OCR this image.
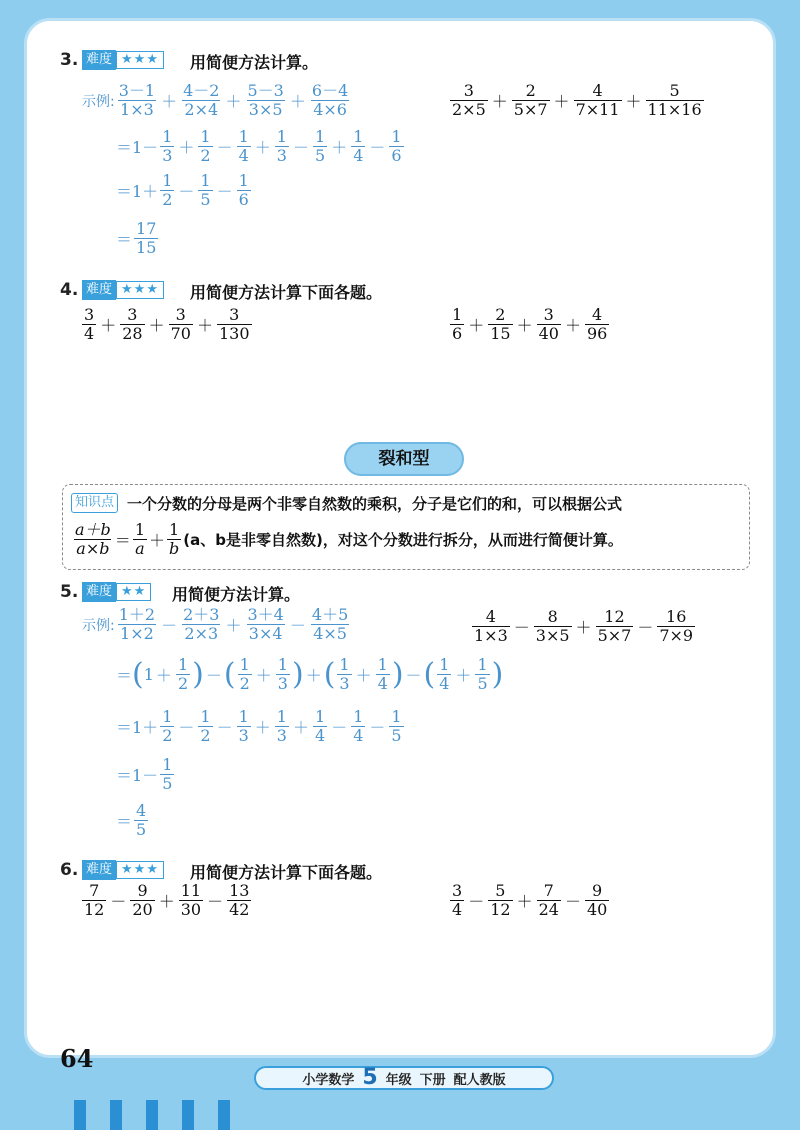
3. 难度 ★★★	用简便方法计算。
示例: $\frac{3-1}{1\times 3} + \frac{4-2}{2\times 4} + \frac{5-3}{3\times 5} + \frac{6-4}{4\times 6}$
$=1- \frac{1}{3} + \frac{1}{2} - \frac{1}{4} + \frac{1}{3} - \frac{1}{5} + \frac{1}{4} - \frac{1}{6}$
$=1+ \frac{1}{2} - \frac{1}{5} - \frac{1}{6}$
＝ $\frac{17}{15}$
$\frac{3}{2\times 5} + \frac{2}{5\times 7} + \frac{4}{7\times 11} + \frac{5}{11\times 16}$
4. 难度 ★★★	用简便方法计算下面各题。
$\frac{3}{4} + \frac{3}{28} + \frac{3}{70} + \frac{3}{130}$	$\frac{1}{6} + \frac{2}{15} + \frac{3}{40} + \frac{4}{96}$
裂和型
知识点 一个分数的分母是两个非零自然数的乘积，分子是它们的和，可以根据公式
$\frac{a+b}{a\times b} = \frac{1}{a} + \frac{1}{b} (a$、b是非零自然数)，对这个分数进行拆分，从而进行简便计算。
5. 难度 ★★	用简便方法计算。
示例: $\frac{1+2}{1\times 2} - \frac{2+3}{2\times 3} + \frac{3+4}{3\times 4} - \frac{4+5}{4\times 5}$
＝ ( $1 + \frac{1}{2}$ ) － ( $\frac{1}{2} + \frac{1}{3}$ ) ＋ ( $\frac{1}{3} + \frac{1}{4}$ ) － ( $\frac{1}{4} + \frac{1}{5}$ )
$=1+ \frac{1}{2} - \frac{1}{2} - \frac{1}{3} + \frac{1}{3} + \frac{1}{4} - \frac{1}{4} - \frac{1}{5}$
$=1- \frac{1}{5}$
＝ $\frac{4}{5}$
$\frac{4}{1\times 3} - \frac{8}{3\times 5} + \frac{12}{5\times 7} - \frac{16}{7\times 9}$
6. 难度 ★★★	用简便方法计算下面各题。
$\frac{7}{12} - \frac{9}{20} + \frac{11}{30} - \frac{13}{42}$	$\frac{3}{4} - \frac{5}{12} + \frac{7}{24} - \frac{9}{40}$
64
小学数学 5 年级 下册 配人教版
